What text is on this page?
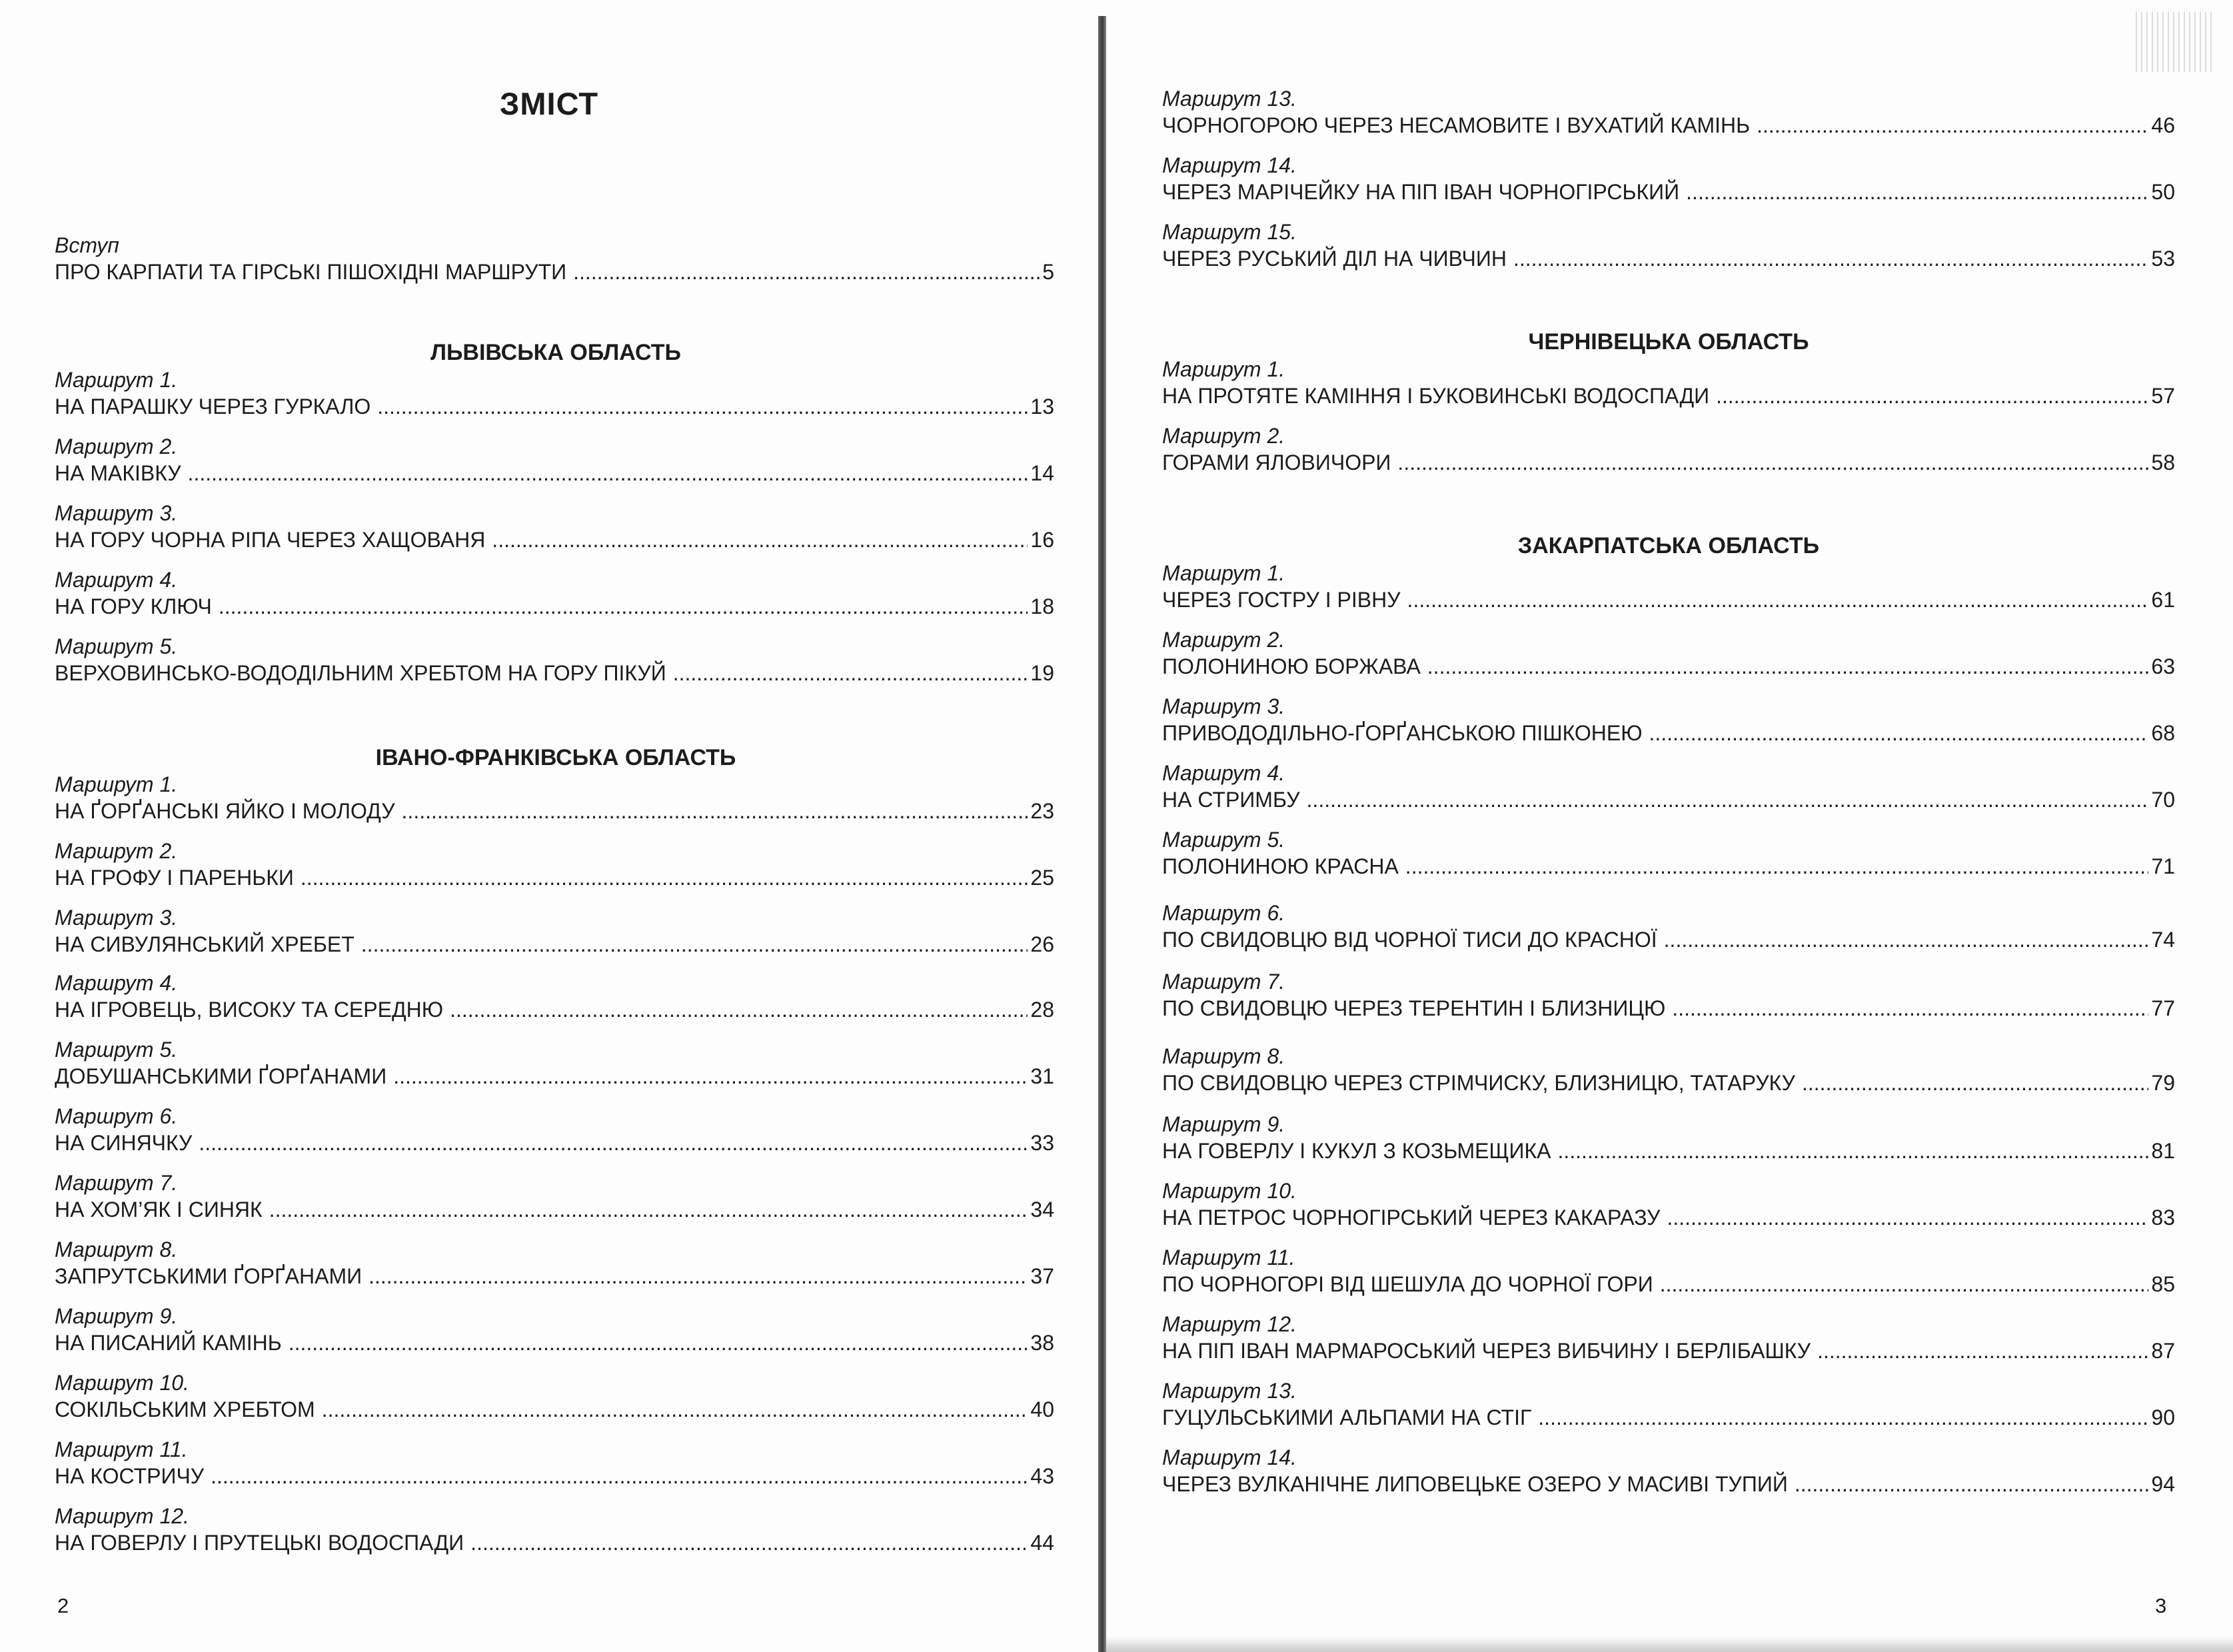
ЗМІСТ
Вступ
ПРО КАРПАТИ ТА ГІРСЬКІ ПІШОХІДНІ МАРШРУТИ .....	5
ЛЬВІВСЬКА ОБЛАСТЬ
Маршрут 1.
НА ПАРАШКУ ЧЕРЕЗ ГУРКАЛО .....	13
Маршрут 2.
НА МАКІВКУ .....	14
Маршрут 3.
НА ГОРУ ЧОРНА РІПА ЧЕРЕЗ ХАЩОВАНЯ .....	16
Маршрут 4.
НА ГОРУ КЛЮЧ .....	18
Маршрут 5.
ВЕРХОВИНСЬКО-ВОДОДІЛЬНИМ ХРЕБТОМ НА ГОРУ ПІКУЙ .....	19
ІВАНО-ФРАНКІВСЬКА ОБЛАСТЬ
Маршрут 1.
НА ҐОРҐАНСЬКІ ЯЙКО І МОЛОДУ .....	23
Маршрут 2.
НА ГРОФУ І ПАРЕНЬКИ .....	25
Маршрут 3.
НА СИВУЛЯНСЬКИЙ ХРЕБЕТ .....	26
Маршрут 4.
НА ІГРОВЕЦЬ, ВИСОКУ ТА СЕРЕДНЮ .....	28
Маршрут 5.
ДОБУШАНСЬКИМИ ҐОРҐАНАМИ .....	31
Маршрут 6.
НА СИНЯЧКУ .....	33
Маршрут 7.
НА ХОМ’ЯК І СИНЯК .....	34
Маршрут 8.
ЗАПРУТСЬКИМИ ҐОРҐАНАМИ .....	37
Маршрут 9.
НА ПИСАНИЙ КАМІНЬ .....	38
Маршрут 10.
СОКІЛЬСЬКИМ ХРЕБТОМ .....	40
Маршрут 11.
НА КОСТРИЧУ .....	43
Маршрут 12.
НА ГОВЕРЛУ І ПРУТЕЦЬКІ ВОДОСПАДИ .....	44
2
Маршрут 13.
ЧОРНОГОРОЮ ЧЕРЕЗ НЕСАМОВИТЕ І ВУХАТИЙ КАМІНЬ .....	46
Маршрут 14.
ЧЕРЕЗ МАРІЧЕЙКУ НА ПІП ІВАН ЧОРНОГІРСЬКИЙ .....	50
Маршрут 15.
ЧЕРЕЗ РУСЬКИЙ ДІЛ НА ЧИВЧИН .....	53
ЧЕРНІВЕЦЬКА ОБЛАСТЬ
Маршрут 1.
НА ПРОТЯТЕ КАМІННЯ І БУКОВИНСЬКІ ВОДОСПАДИ .....	57
Маршрут 2.
ГОРАМИ ЯЛОВИЧОРИ .....	58
ЗАКАРПАТСЬКА ОБЛАСТЬ
Маршрут 1.
ЧЕРЕЗ ГОСТРУ І РІВНУ .....	61
Маршрут 2.
ПОЛОНИНОЮ БОРЖАВА .....	63
Маршрут 3.
ПРИВОДОДІЛЬНО-ҐОРҐАНСЬКОЮ ПІШКОНЕЮ .....	68
Маршрут 4.
НА СТРИМБУ .....	70
Маршрут 5.
ПОЛОНИНОЮ КРАСНА .....	71
Маршрут 6.
ПО СВИДОВЦЮ ВІД ЧОРНОЇ ТИСИ ДО КРАСНОЇ .....	74
Маршрут 7.
ПО СВИДОВЦЮ ЧЕРЕЗ ТЕРЕНТИН І БЛИЗНИЦЮ .....	77
Маршрут 8.
ПО СВИДОВЦЮ ЧЕРЕЗ СТРІМЧИСКУ, БЛИЗНИЦЮ, ТАТАРУКУ .....	79
Маршрут 9.
НА ГОВЕРЛУ І КУКУЛ З КОЗЬМЕЩИКА .....	81
Маршрут 10.
НА ПЕТРОС ЧОРНОГІРСЬКИЙ ЧЕРЕЗ КАКАРАЗУ .....	83
Маршрут 11.
ПО ЧОРНОГОРІ ВІД ШЕШУЛА ДО ЧОРНОЇ ГОРИ .....	85
Маршрут 12.
НА ПІП ІВАН МАРМАРОСЬКИЙ ЧЕРЕЗ ВИБЧИНУ І БЕРЛІБАШКУ .....	87
Маршрут 13.
ГУЦУЛЬСЬКИМИ АЛЬПАМИ НА СТІГ .....	90
Маршрут 14.
ЧЕРЕЗ ВУЛКАНІЧНЕ ЛИПОВЕЦЬКЕ ОЗЕРО У МАСИВІ ТУПИЙ .....	94
3
